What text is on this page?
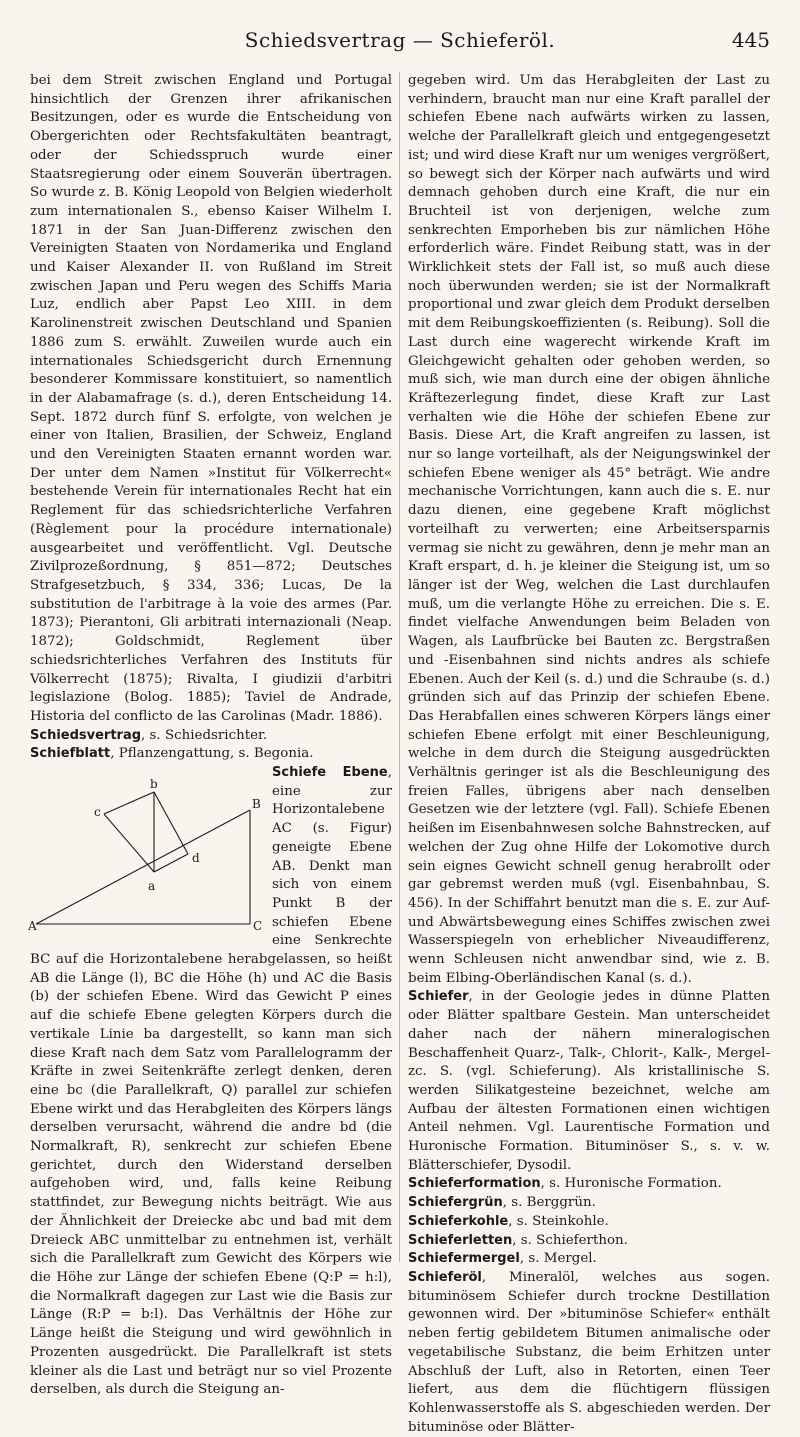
Schiedsvertrag — Schieferöl.	445

bei dem Streit zwischen England und Portugal hinsichtlich der Grenzen ihrer afrikanischen Besitzungen, oder es wurde die Entscheidung von Obergerichten oder Rechtsfakultäten beantragt, oder der Schiedsspruch wurde einer Staatsregierung oder einem Souverän übertragen. So wurde z. B. König Leopold von Belgien wiederholt zum internationalen S., ebenso Kaiser Wilhelm I. 1871 in der San Juan-Differenz zwischen den Vereinigten Staaten von Nordamerika und England und Kaiser Alexander II. von Rußland im Streit zwischen Japan und Peru wegen des Schiffs Maria Luz, endlich aber Papst Leo XIII. in dem Karolinenstreit zwischen Deutschland und Spanien 1886 zum S. erwählt. Zuweilen wurde auch ein internationales Schiedsgericht durch Ernennung besonderer Kommissare konstituiert, so namentlich in der Alabamafrage (s. d.), deren Entscheidung 14. Sept. 1872 durch fünf S. erfolgte, von welchen je einer von Italien, Brasilien, der Schweiz, England und den Vereinigten Staaten ernannt worden war. Der unter dem Namen »Institut für Völkerrecht« bestehende Verein für internationales Recht hat ein Reglement für das schiedsrichterliche Verfahren (Règlement pour la procédure internationale) ausgearbeitet und veröffentlicht. Vgl. Deutsche Zivilprozeßordnung, § 851—872; Deutsches Strafgesetzbuch, § 334, 336; Lucas, De la substitution de l'arbitrage à la voie des armes (Par. 1873); Pierantoni, Gli arbitrati internazionali (Neap. 1872); Goldschmidt, Reglement über schiedsrichterliches Verfahren des Instituts für Völkerrecht (1875); Rivalta, I giudizii d'arbitri legislazione (Bolog. 1885); Taviel de Andrade, Historia del conflicto de las Carolinas (Madr. 1886).

Schiedsvertrag, s. Schiedsrichter.

Schiefblatt, Pflanzengattung, s. Begonia.

A
B
C
a
b
c
d

Schiefe Ebene, eine zur Horizontalebene AC (s. Figur) geneigte Ebene AB. Denkt man sich von einem Punkt B der schiefen Ebene eine Senkrechte BC auf die Horizontalebene herabgelassen, so heißt AB die Länge (l), BC die Höhe (h) und AC die Basis (b) der schiefen Ebene. Wird das Gewicht P eines auf die schiefe Ebene gelegten Körpers durch die vertikale Linie ba dargestellt, so kann man sich diese Kraft nach dem Satz vom Parallelogramm der Kräfte in zwei Seitenkräfte zerlegt denken, deren eine bc (die Parallelkraft, Q) parallel zur schiefen Ebene wirkt und das Herabgleiten des Körpers längs derselben verursacht, während die andre bd (die Normalkraft, R), senkrecht zur schiefen Ebene gerichtet, durch den Widerstand derselben aufgehoben wird, und, falls keine Reibung stattfindet, zur Bewegung nichts beiträgt. Wie aus der Ähnlichkeit der Dreiecke abc und bad mit dem Dreieck ABC unmittelbar zu entnehmen ist, verhält sich die Parallelkraft zum Gewicht des Körpers wie die Höhe zur Länge der schiefen Ebene (Q:P = h:l), die Normalkraft dagegen zur Last wie die Basis zur Länge (R:P = b:l). Das Verhältnis der Höhe zur Länge heißt die Steigung und wird gewöhnlich in Prozenten ausgedrückt. Die Parallelkraft ist stets kleiner als die Last und beträgt nur so viel Prozente derselben, als durch die Steigung an-

gegeben wird. Um das Herabgleiten der Last zu verhindern, braucht man nur eine Kraft parallel der schiefen Ebene nach aufwärts wirken zu lassen, welche der Parallelkraft gleich und entgegengesetzt ist; und wird diese Kraft nur um weniges vergrößert, so bewegt sich der Körper nach aufwärts und wird demnach gehoben durch eine Kraft, die nur ein Bruchteil ist von derjenigen, welche zum senkrechten Emporheben bis zur nämlichen Höhe erforderlich wäre. Findet Reibung statt, was in der Wirklichkeit stets der Fall ist, so muß auch diese noch überwunden werden; sie ist der Normalkraft proportional und zwar gleich dem Produkt derselben mit dem Reibungskoeffizienten (s. Reibung). Soll die Last durch eine wagerecht wirkende Kraft im Gleichgewicht gehalten oder gehoben werden, so muß sich, wie man durch eine der obigen ähnliche Kräftezerlegung findet, diese Kraft zur Last verhalten wie die Höhe der schiefen Ebene zur Basis. Diese Art, die Kraft angreifen zu lassen, ist nur so lange vorteilhaft, als der Neigungswinkel der schiefen Ebene weniger als 45° beträgt. Wie andre mechanische Vorrichtungen, kann auch die s. E. nur dazu dienen, eine gegebene Kraft möglichst vorteilhaft zu verwerten; eine Arbeitsersparnis vermag sie nicht zu gewähren, denn je mehr man an Kraft erspart, d. h. je kleiner die Steigung ist, um so länger ist der Weg, welchen die Last durchlaufen muß, um die verlangte Höhe zu erreichen. Die s. E. findet vielfache Anwendungen beim Beladen von Wagen, als Laufbrücke bei Bauten zc. Bergstraßen und -Eisenbahnen sind nichts andres als schiefe Ebenen. Auch der Keil (s. d.) und die Schraube (s. d.) gründen sich auf das Prinzip der schiefen Ebene. Das Herabfallen eines schweren Körpers längs einer schiefen Ebene erfolgt mit einer Beschleunigung, welche in dem durch die Steigung ausgedrückten Verhältnis geringer ist als die Beschleunigung des freien Falles, übrigens aber nach denselben Gesetzen wie der letztere (vgl. Fall). Schiefe Ebenen heißen im Eisenbahnwesen solche Bahnstrecken, auf welchen der Zug ohne Hilfe der Lokomotive durch sein eignes Gewicht schnell genug herabrollt oder gar gebremst werden muß (vgl. Eisenbahnbau, S. 456). In der Schiffahrt benutzt man die s. E. zur Auf- und Abwärtsbewegung eines Schiffes zwischen zwei Wasserspiegeln von erheblicher Niveaudifferenz, wenn Schleusen nicht anwendbar sind, wie z. B. beim Elbing-Oberländischen Kanal (s. d.).

Schiefer, in der Geologie jedes in dünne Platten oder Blätter spaltbare Gestein. Man unterscheidet daher nach der nähern mineralogischen Beschaffenheit Quarz-, Talk-, Chlorit-, Kalk-, Mergel- zc. S. (vgl. Schieferung). Als kristallinische S. werden Silikatgesteine bezeichnet, welche am Aufbau der ältesten Formationen einen wichtigen Anteil nehmen. Vgl. Laurentische Formation und Huronische Formation. Bituminöser S., s. v. w. Blätterschiefer, Dysodil.

Schieferformation, s. Huronische Formation.

Schiefergrün, s. Berggrün.

Schieferkohle, s. Steinkohle.

Schieferletten, s. Schieferthon.

Schiefermergel, s. Mergel.

Schieferöl, Mineralöl, welches aus sogen. bituminösem Schiefer durch trockne Destillation gewonnen wird. Der »bituminöse Schiefer« enthält neben fertig gebildetem Bitumen animalische oder vegetabilische Substanz, die beim Erhitzen unter Abschluß der Luft, also in Retorten, einen Teer liefert, aus dem die flüchtigern flüssigen Kohlenwasserstoffe als S. abgeschieden werden. Der bituminöse oder Blätter-
